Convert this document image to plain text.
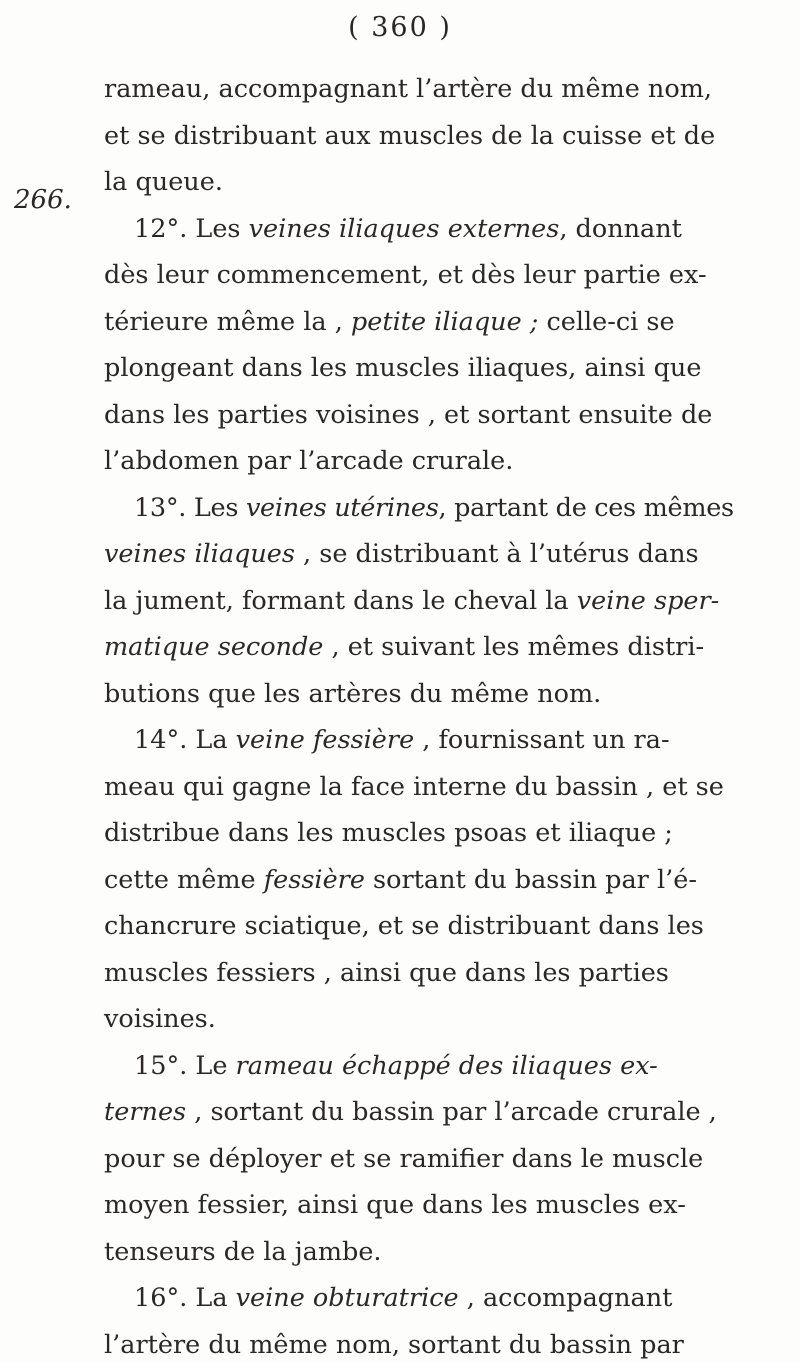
( 360 )
266.
rameau, accompagnant l’artère du même nom,
et se distribuant aux muscles de la cuisse et de
la queue.
12°. Les veines iliaques externes, donnant
dès leur commencement, et dès leur partie ex-
térieure même la , petite iliaque ; celle-ci se
plongeant dans les muscles iliaques, ainsi que
dans les parties voisines , et sortant ensuite de
l’abdomen par l’arcade crurale.
13°. Les veines utérines, partant de ces mêmes
veines iliaques , se distribuant à l’utérus dans
la jument, formant dans le cheval la veine sper-
matique seconde , et suivant les mêmes distri-
butions que les artères du même nom.
14°. La veine fessière , fournissant un ra-
meau qui gagne la face interne du bassin , et se
distribue dans les muscles psoas et iliaque ;
cette même fessière sortant du bassin par l’é-
chancrure sciatique, et se distribuant dans les
muscles fessiers , ainsi que dans les parties
voisines.
15°. Le rameau échappé des iliaques ex-
ternes , sortant du bassin par l’arcade crurale ,
pour se déployer et se ramifier dans le muscle
moyen fessier, ainsi que dans les muscles ex-
tenseurs de la jambe.
16°. La veine obturatrice , accompagnant
l’artère du même nom, sortant du bassin par
